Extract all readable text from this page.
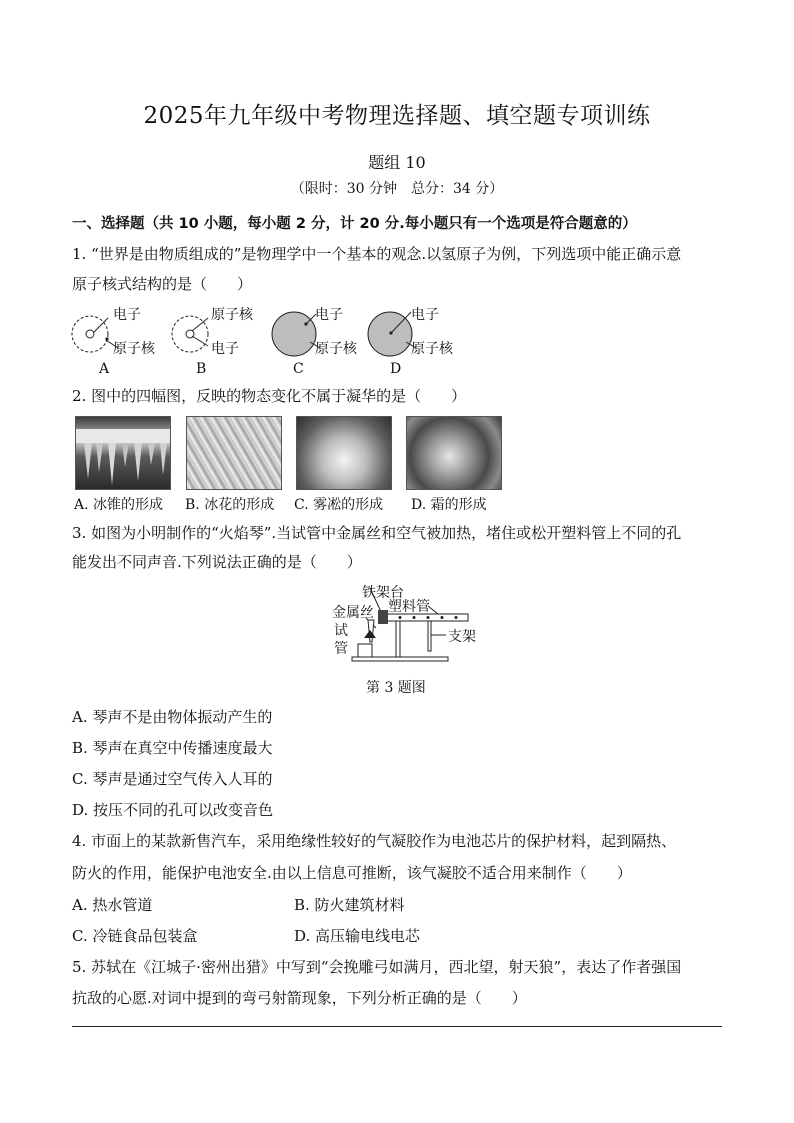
2025年九年级中考物理选择题、填空题专项训练
题组 10
（限时：30 分钟　总分：34 分）
一、选择题（共 10 小题，每小题 2 分，计 20 分.每小题只有一个选项是符合题意的）
1. “世界是由物质组成的”是物理学中一个基本的观念.以氢原子为例，下列选项中能正确示意
原子核式结构的是（　　）
电子
原子核
A
原子核
电子
B
电子
原子核
C
电子
原子核
D
2. 图中的四幅图，反映的物态变化不属于凝华的是（　　）
A. 冰锥的形成 B. 冰花的形成 C. 雾凇的形成 D. 霜的形成
3. 如图为小明制作的“火焰琴”.当试管中金属丝和空气被加热，堵住或松开塑料管上不同的孔
能发出不同声音.下列说法正确的是（　　）
铁架台
金属丝 塑料管
试
管
支架
第 3 题图
A. 琴声不是由物体振动产生的
B. 琴声在真空中传播速度最大
C. 琴声是通过空气传入人耳的
D. 按压不同的孔可以改变音色
4. 市面上的某款新售汽车，采用绝缘性较好的气凝胶作为电池芯片的保护材料，起到隔热、
防火的作用，能保护电池安全.由以上信息可推断，该气凝胶不适合用来制作（　　）
A. 热水管道	B. 防火建筑材料
C. 冷链食品包装盒	D. 高压输电线电芯
5. 苏轼在《江城子·密州出猎》中写到“会挽雕弓如满月，西北望，射天狼”，表达了作者强国
抗敌的心愿.对词中提到的弯弓射箭现象，下列分析正确的是（　　）
